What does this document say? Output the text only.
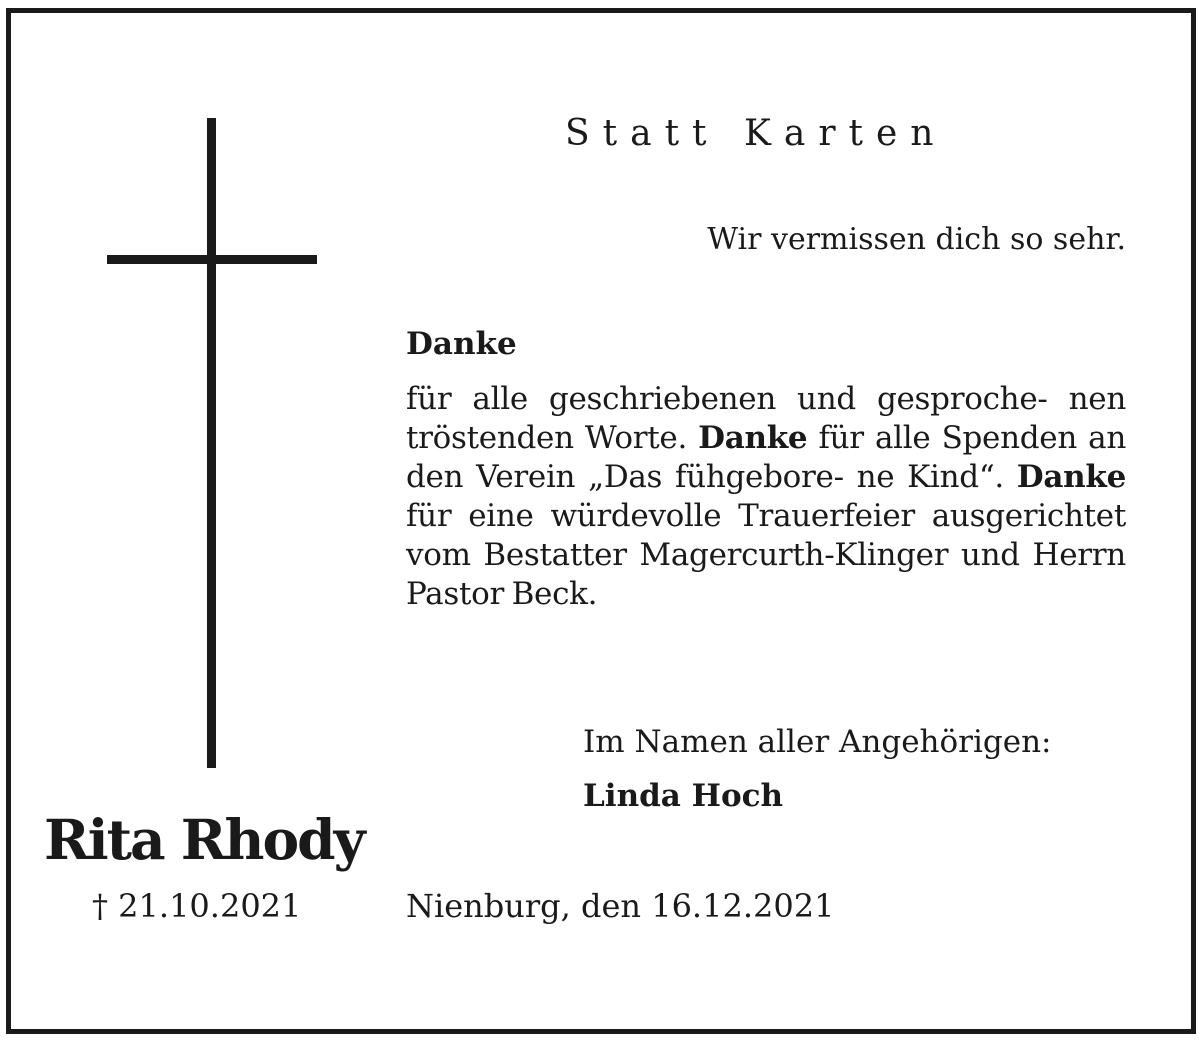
Statt Karten
Wir vermissen dich so sehr.
Danke
für alle geschriebenen und gesproche- nen tröstenden Worte. Danke für alle Spenden an den Verein „Das fühgebore- ne Kind“. Danke für eine würdevolle Trauerfeier ausgerichtet vom Bestatter Magercurth-Klinger und Herrn Pastor Beck.
Im Namen aller Angehörigen:
Linda Hoch
Rita Rhody
† 21.10.2021	Nienburg, den 16.12.2021
